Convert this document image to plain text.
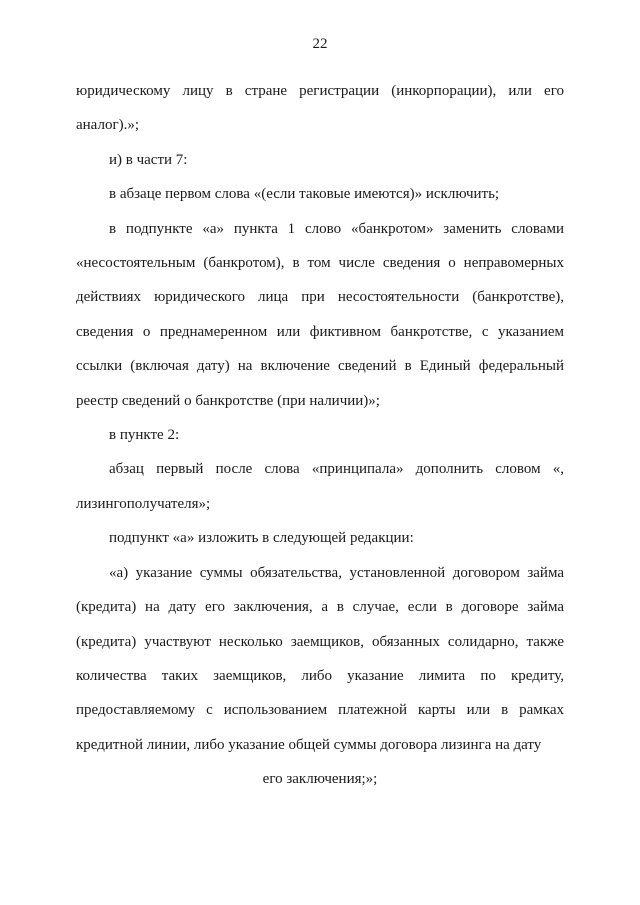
22

юридическому лицу в стране регистрации (инкорпорации), или его аналог).»;

и) в части 7:

в абзаце первом слова «(если таковые имеются)» исключить;

в подпункте «а» пункта 1 слово «банкротом» заменить словами «несостоятельным (банкротом), в том числе сведения о неправомерных действиях юридического лица при несостоятельности (банкротстве), сведения о преднамеренном или фиктивном банкротстве, с указанием ссылки (включая дату) на включение сведений в Единый федеральный реестр сведений о банкротстве (при наличии)»;

в пункте 2:

абзац первый после слова «принципала» дополнить словом «, лизингополучателя»;

подпункт «а» изложить в следующей редакции:

«а) указание суммы обязательства, установленной договором займа (кредита) на дату его заключения, а в случае, если в договоре займа (кредита) участвуют несколько заемщиков, обязанных солидарно, также количества таких заемщиков, либо указание лимита по кредиту, предоставляемому с использованием платежной карты или в рамках кредитной линии, либо указание общей суммы договора лизинга на дату

его заключения;»;
